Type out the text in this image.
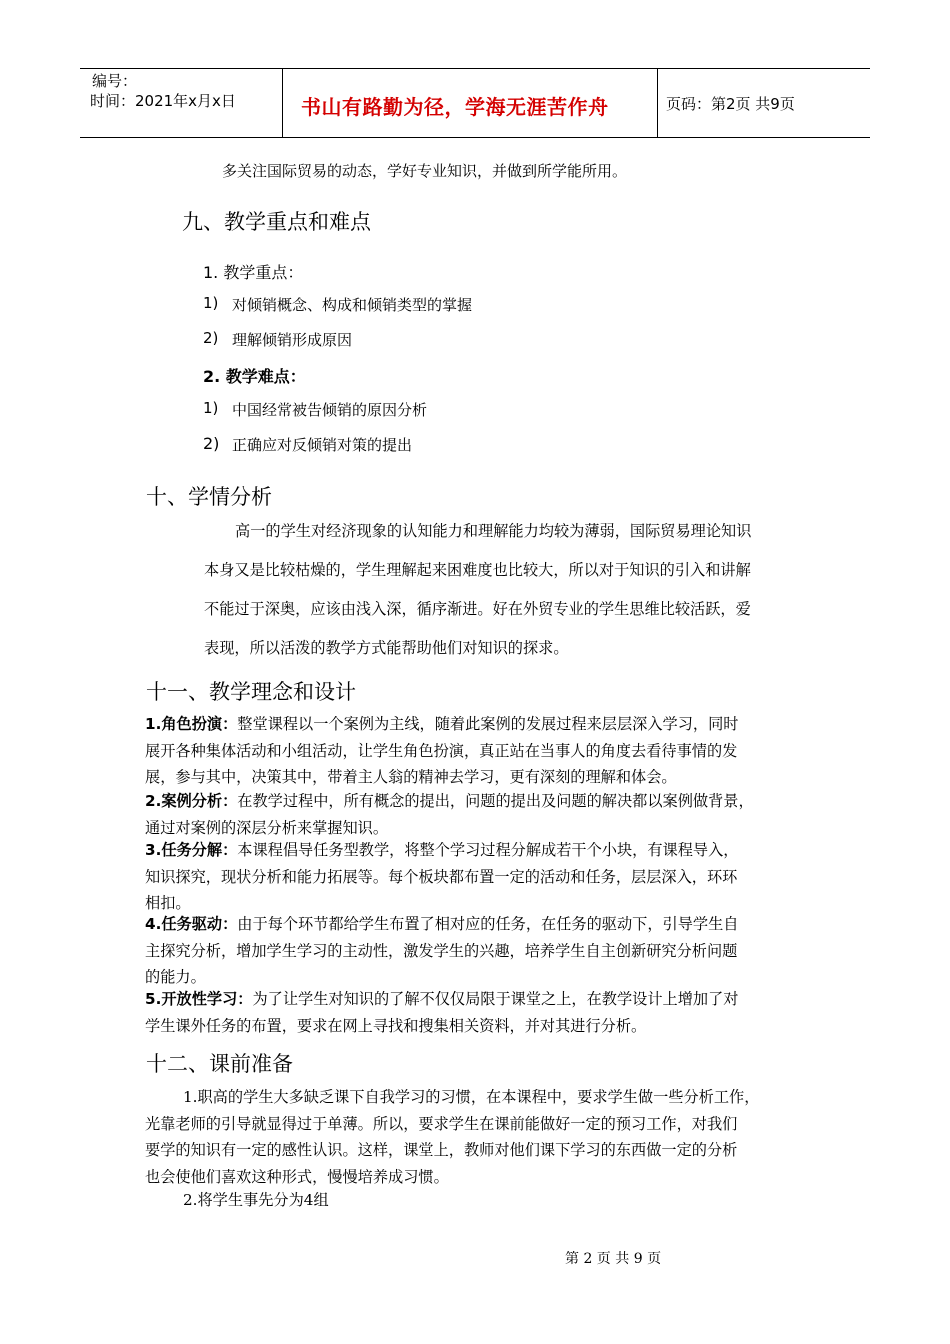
编号：
时间：2021年x月x日	书山有路勤为径，学海无涯苦作舟	页码：第2页 共9页
多关注国际贸易的动态，学好专业知识，并做到所学能所用。
九、教学重点和难点
1. 教学重点：
1) 对倾销概念、构成和倾销类型的掌握
2) 理解倾销形成原因
2. 教学难点：
1) 中国经常被告倾销的原因分析
2) 正确应对反倾销对策的提出
十、学情分析
高一的学生对经济现象的认知能力和理解能力均较为薄弱，国际贸易理论知识
本身又是比较枯燥的，学生理解起来困难度也比较大，所以对于知识的引入和讲解
不能过于深奥，应该由浅入深，循序渐进。好在外贸专业的学生思维比较活跃，爱
表现，所以活泼的教学方式能帮助他们对知识的探求。
十一、教学理念和设计
1.角色扮演：整堂课程以一个案例为主线，随着此案例的发展过程来层层深入学习，同时
展开各种集体活动和小组活动，让学生角色扮演，真正站在当事人的角度去看待事情的发
展，参与其中，决策其中，带着主人翁的精神去学习，更有深刻的理解和体会。
2.案例分析：在教学过程中，所有概念的提出，问题的提出及问题的解决都以案例做背景，
通过对案例的深层分析来掌握知识。
3.任务分解：本课程倡导任务型教学，将整个学习过程分解成若干个小块，有课程导入，
知识探究，现状分析和能力拓展等。每个板块都布置一定的活动和任务，层层深入，环环
相扣。
4.任务驱动：由于每个环节都给学生布置了相对应的任务，在任务的驱动下，引导学生自
主探究分析，增加学生学习的主动性，激发学生的兴趣，培养学生自主创新研究分析问题
的能力。
5.开放性学习：为了让学生对知识的了解不仅仅局限于课堂之上，在教学设计上增加了对
学生课外任务的布置，要求在网上寻找和搜集相关资料，并对其进行分析。
十二、课前准备
1.职高的学生大多缺乏课下自我学习的习惯，在本课程中，要求学生做一些分析工作，
光靠老师的引导就显得过于单薄。所以，要求学生在课前能做好一定的预习工作，对我们
要学的知识有一定的感性认识。这样，课堂上，教师对他们课下学习的东西做一定的分析
也会使他们喜欢这种形式，慢慢培养成习惯。
2.将学生事先分为4组
第 2 页 共 9 页
